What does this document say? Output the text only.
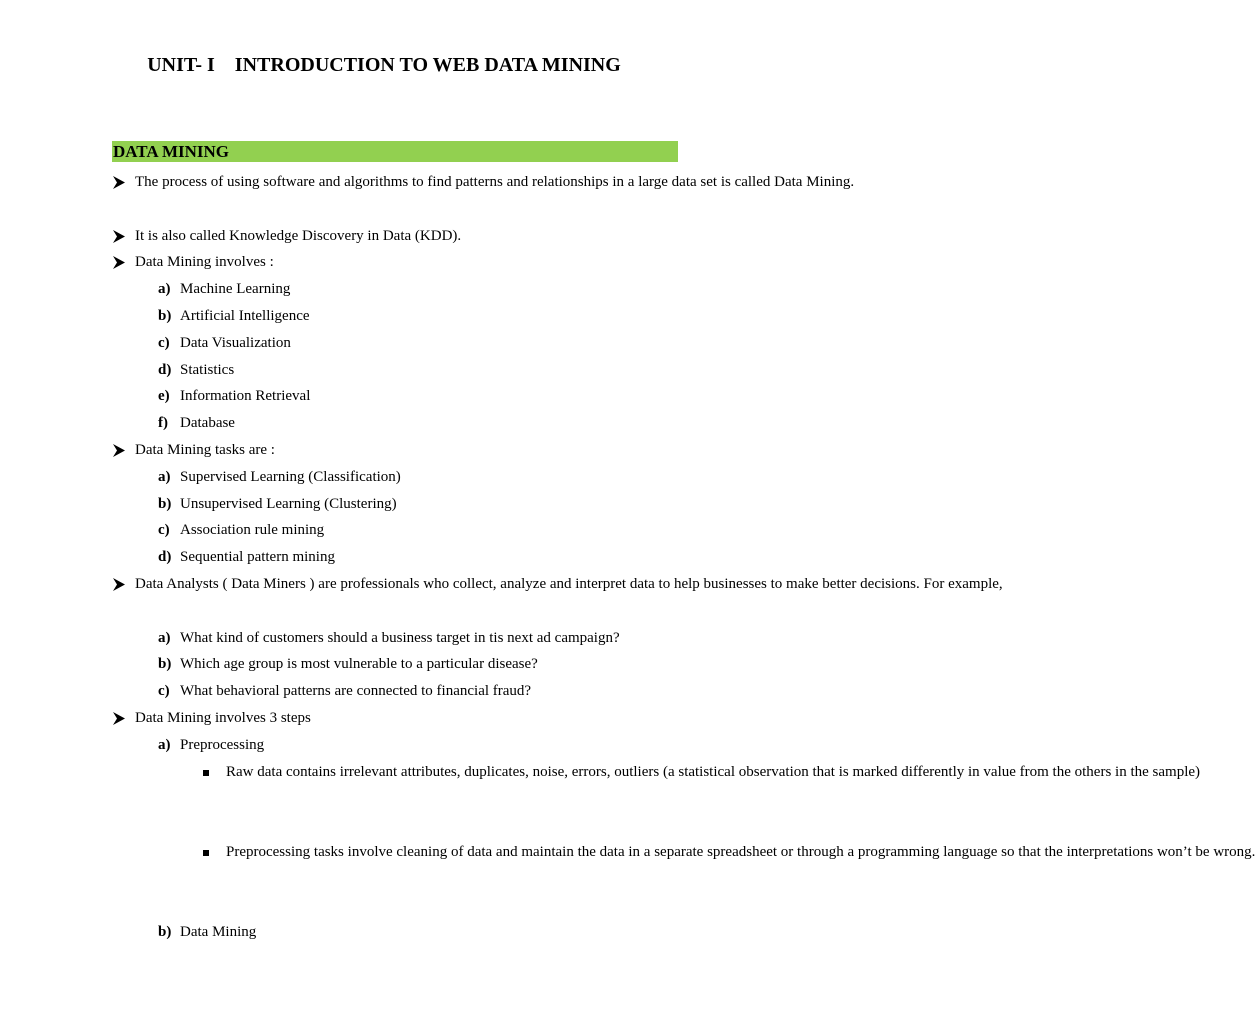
UNIT- I    INTRODUCTION TO WEB DATA MINING
DATA MINING
The process of using software and algorithms to find patterns and relationships in a large data set is called Data Mining.
It is also called Knowledge Discovery in Data (KDD).
Data Mining involves :
a) Machine Learning
b) Artificial Intelligence
c) Data Visualization
d) Statistics
e) Information Retrieval
f) Database
Data Mining tasks are :
a) Supervised Learning (Classification)
b) Unsupervised Learning (Clustering)
c) Association rule mining
d) Sequential pattern mining
Data Analysts ( Data Miners ) are professionals who collect, analyze and interpret data to help businesses to make better decisions. For example,
a) What kind of customers should a business target in tis next ad campaign?
b) Which age group is most vulnerable to a particular disease?
c) What behavioral patterns are connected to financial fraud?
Data Mining involves 3 steps
a) Preprocessing
Raw data contains irrelevant attributes, duplicates, noise, errors, outliers (a statistical observation that is marked differently in value from the others in the sample)
Preprocessing tasks involve cleaning of data and maintain the data in a separate spreadsheet or through a programming language so that the interpretations won’t be wrong.
b) Data Mining
